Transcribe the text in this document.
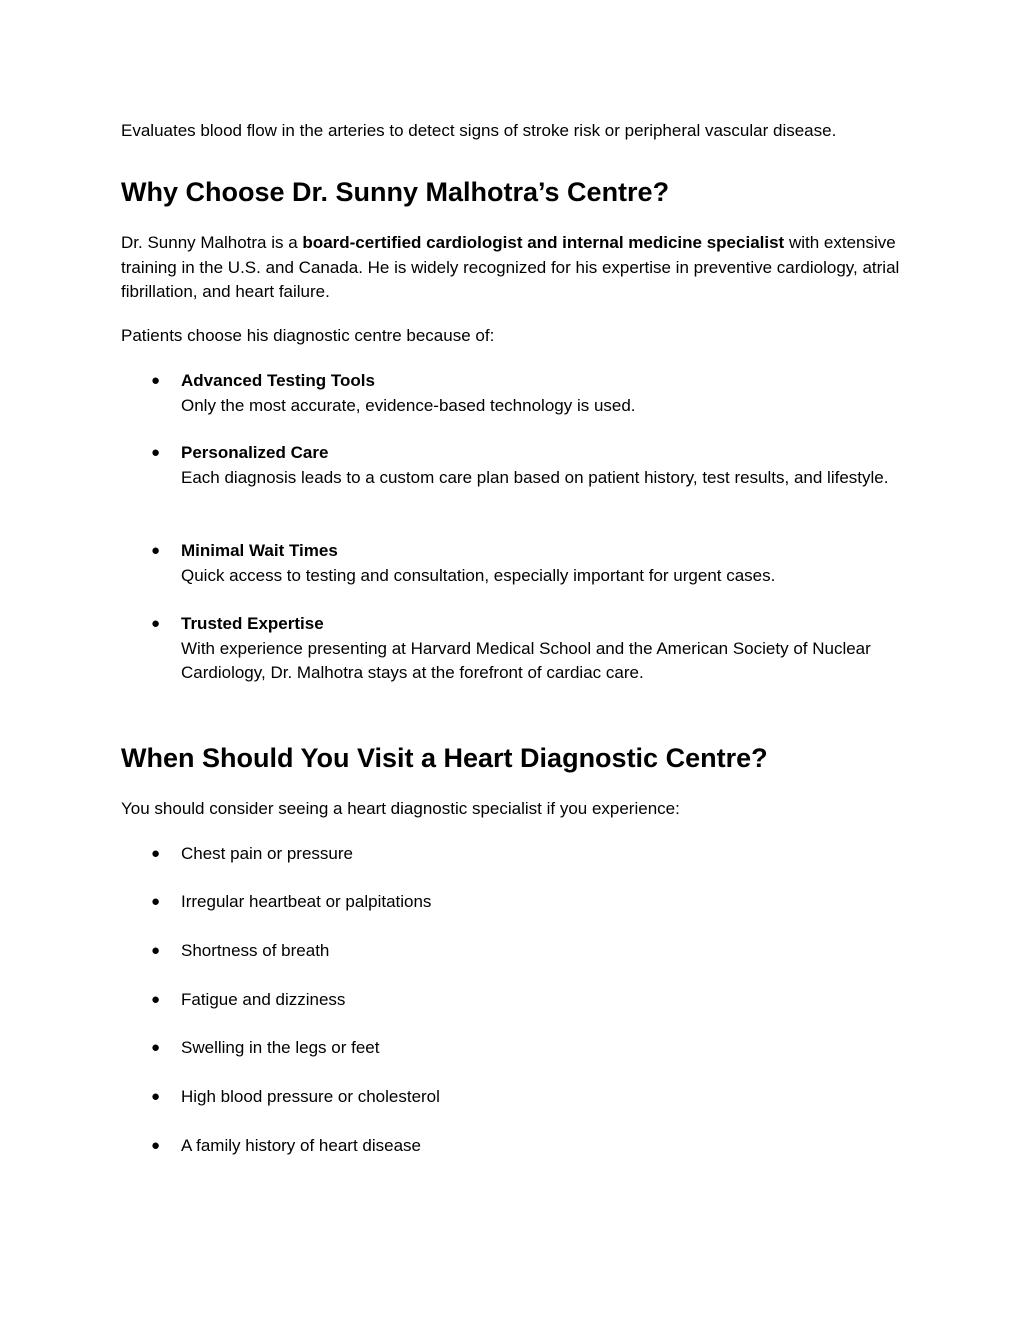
Evaluates blood flow in the arteries to detect signs of stroke risk or peripheral vascular disease.

Why Choose Dr. Sunny Malhotra’s Centre?

Dr. Sunny Malhotra is a board-certified cardiologist and internal medicine specialist with extensive training in the U.S. and Canada. He is widely recognized for his expertise in preventive cardiology, atrial fibrillation, and heart failure.

Patients choose his diagnostic centre because of:

● Advanced Testing Tools
Only the most accurate, evidence-based technology is used.
● Personalized Care
Each diagnosis leads to a custom care plan based on patient history, test results, and lifestyle.
● Minimal Wait Times
Quick access to testing and consultation, especially important for urgent cases.
● Trusted Expertise
With experience presenting at Harvard Medical School and the American Society of Nuclear Cardiology, Dr. Malhotra stays at the forefront of cardiac care.
When Should You Visit a Heart Diagnostic Centre?

You should consider seeing a heart diagnostic specialist if you experience:

● Chest pain or pressure
● Irregular heartbeat or palpitations
● Shortness of breath
● Fatigue and dizziness
● Swelling in the legs or feet
● High blood pressure or cholesterol
● A family history of heart disease
